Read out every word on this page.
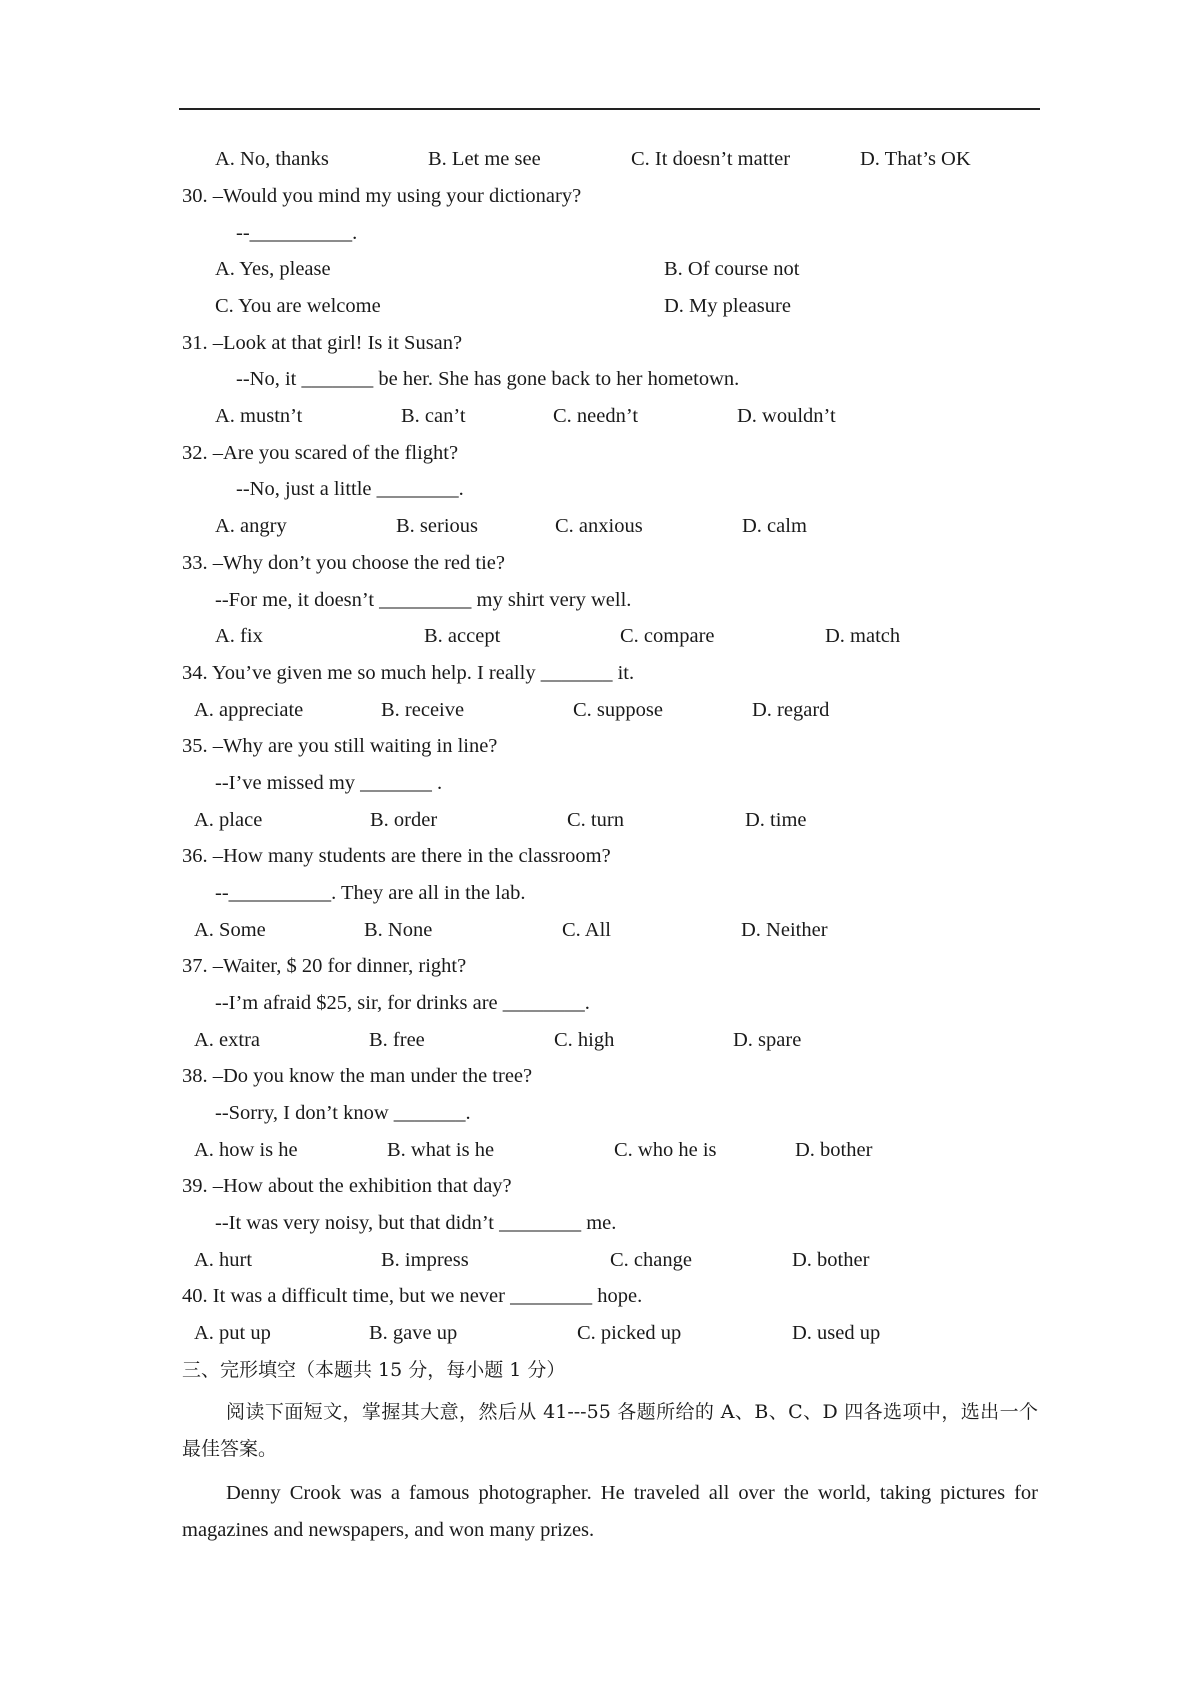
A. No, thanks	B. Let me see	C. It doesn’t matter	D. That’s OK
30. –Would you mind my using your dictionary?
--__________.
A. Yes, please	B. Of course not
C. You are welcome	D. My pleasure
31. –Look at that girl! Is it Susan?
--No, it _______ be her. She has gone back to her hometown.
A. mustn’t	B. can’t	C. needn’t	D. wouldn’t
32. –Are you scared of the flight?
--No, just a little ________.
A. angry	B. serious	C. anxious	D. calm
33. –Why don’t you choose the red tie?
--For me, it doesn’t _________ my shirt very well.
A. fix	B. accept	C. compare	D. match
34. You’ve given me so much help. I really _______ it.
A. appreciate	B. receive	C. suppose	D. regard
35. –Why are you still waiting in line?
--I’ve missed my _______ .
A. place	B. order	C. turn	D. time
36. –How many students are there in the classroom?
--__________. They are all in the lab.
A. Some	B. None	C. All	D. Neither
37. –Waiter, $ 20 for dinner, right?
--I’m afraid $25, sir, for drinks are ________.
A. extra	B. free	C. high	D. spare
38. –Do you know the man under the tree?
--Sorry, I don’t know _______.
A. how is he	B. what is he	C. who he is	D. bother
39. –How about the exhibition that day?
--It was very noisy, but that didn’t ________ me.
A. hurt	B. impress	C. change	D. bother
40. It was a difficult time, but we never ________ hope.
A. put up	B. gave up	C. picked up	D. used up
三、完形填空（本题共 15 分，每小题 1 分）
阅读下面短文，掌握其大意，然后从 41---55 各题所给的 A、B、C、D 四各选项中，选出一个最佳答案。
Denny Crook was a famous photographer. He traveled all over the world, taking pictures for magazines and newspapers, and won many prizes.
